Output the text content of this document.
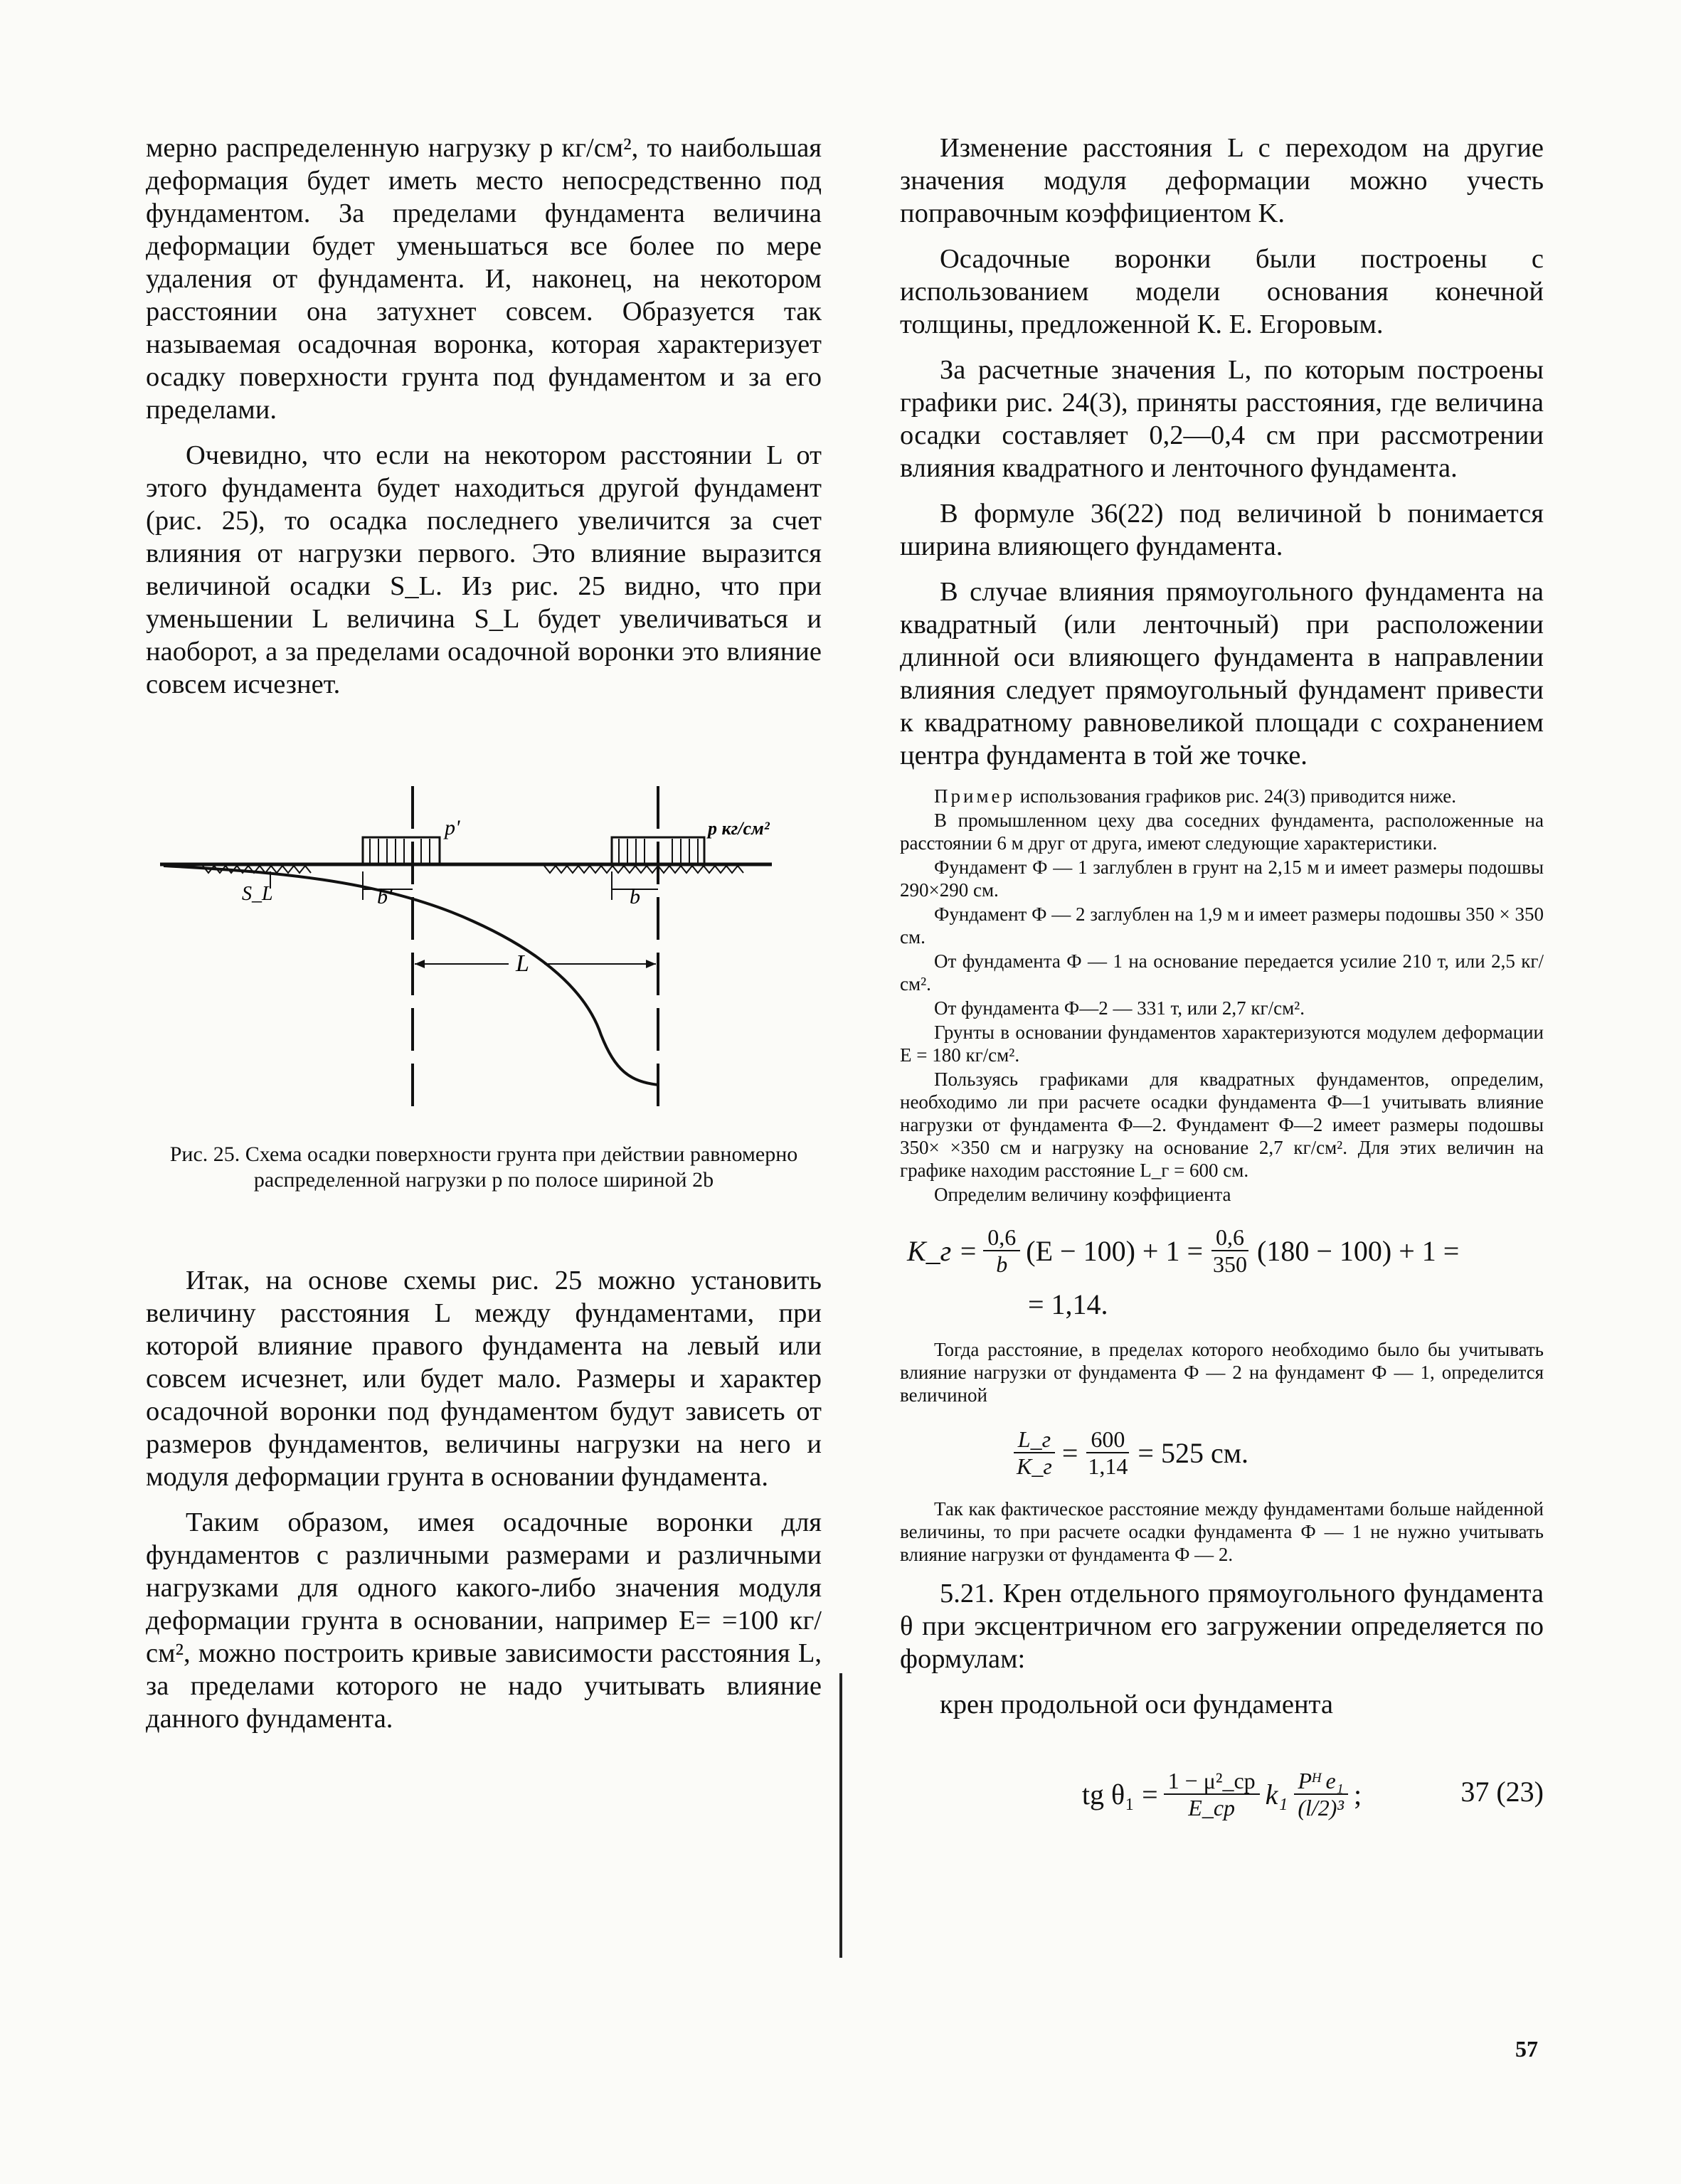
мерно распределенную нагрузку p кг/см², то наибольшая деформация будет иметь место непосредственно под фундаментом. За пределами фундамента величина деформации будет уменьшаться все более по мере удаления от фундамента. И, наконец, на некотором расстоянии она затухнет совсем. Образуется так называемая осадочная воронка, которая характеризует осадку поверхности грунта под фундаментом и за его пределами.

Очевидно, что если на некотором расстоянии L от этого фундамента будет находиться другой фундамент (рис. 25), то осадка последнего увеличится за счет влияния от нагрузки первого. Это влияние выразится величиной осадки S_L. Из рис. 25 видно, что при уменьшении L величина S_L будет увеличиваться и наоборот, а за пределами осадочной воронки это влияние совсем исчезнет.

p'	p кг/см²
b'	b
S_L
L

Рис. 25. Схема осадки поверхности грунта при действии равномерно распределенной нагрузки p по полосе шириной 2b

Итак, на основе схемы рис. 25 можно установить величину расстояния L между фундаментами, при которой влияние правого фундамента на левый или совсем исчезнет, или будет мало. Размеры и характер осадочной воронки под фундаментом будут зависеть от размеров фундаментов, величины нагрузки на него и модуля деформации грунта в основании фундамента.

Таким образом, имея осадочные воронки для фундаментов с различными размерами и различными нагрузками для одного какого-либо значения модуля деформации грунта в основании, например E= =100 кг/см², можно построить кривые зависимости расстояния L, за пределами которого не надо учитывать влияние данного фундамента.

Изменение расстояния L с переходом на другие значения модуля деформации можно учесть поправочным коэффициентом K.

Осадочные воронки были построены с использованием модели основания конечной толщины, предложенной К. Е. Егоровым.

За расчетные значения L, по которым построены графики рис. 24(3), приняты расстояния, где величина осадки составляет 0,2—0,4 см при рассмотрении влияния квадратного и ленточного фундамента.

В формуле 36(22) под величиной b понимается ширина влияющего фундамента.

В случае влияния прямоугольного фундамента на квадратный (или ленточный) при расположении длинной оси влияющего фундамента в направлении влияния следует прямоугольный фундамент привести к квадратному равновеликой площади с сохранением центра фундамента в той же точке.

Пример использования графиков рис. 24(3) приводится ниже.

В промышленном цеху два соседних фундамента, расположенные на расстоянии 6 м друг от друга, имеют следующие характеристики.

Фундамент Ф — 1 заглублен в грунт на 2,15 м и имеет размеры подошвы 290×290 см.

Фундамент Ф — 2 заглублен на 1,9 м и имеет размеры подошвы 350 × 350 см.

От фундамента Ф — 1 на основание передается усилие 210 т, или 2,5 кг/см².

От фундамента Ф—2 — 331 т, или 2,7 кг/см².

Грунты в основании фундаментов характеризуются модулем деформации E = 180 кг/см².

Пользуясь графиками для квадратных фундаментов, определим, необходимо ли при расчете осадки фундамента Ф—1 учитывать влияние нагрузки от фундамента Ф—2. Фундамент Ф—2 имеет размеры подошвы 350× ×350 см и нагрузку на основание 2,7 кг/см². Для этих величин на графике находим расстояние L_г = 600 см.

Определим величину коэффициента

K_г = $\frac{0,6}{b} (E - 100) + 1 = \frac{0,6}{350} (180 - 100) + 1$ =
= 1,14.

Тогда расстояние, в пределах которого необходимо было бы учитывать влияние нагрузки от фундамента Ф — 2 на фундамент Ф — 1, определится величиной

$\frac{L\_г}{K\_г} = \frac{600}{1,14} = 525$ см.

Так как фактическое расстояние между фундаментами больше найденной величины, то при расчете осадки фундамента Ф — 1 не нужно учитывать влияние нагрузки от фундамента Ф — 2.

5.21. Крен отдельного прямоугольного фундамента θ при эксцентричном его загружении определяется по формулам:

крен продольной оси фундамента

tg $\theta_1 = \frac{\text{1 − μ²\_ср}}{E\_ср} k_1 \frac{\text{Pᴴ e₁}}{\text{(l/2)³}}$ ;	37 (23)
57
